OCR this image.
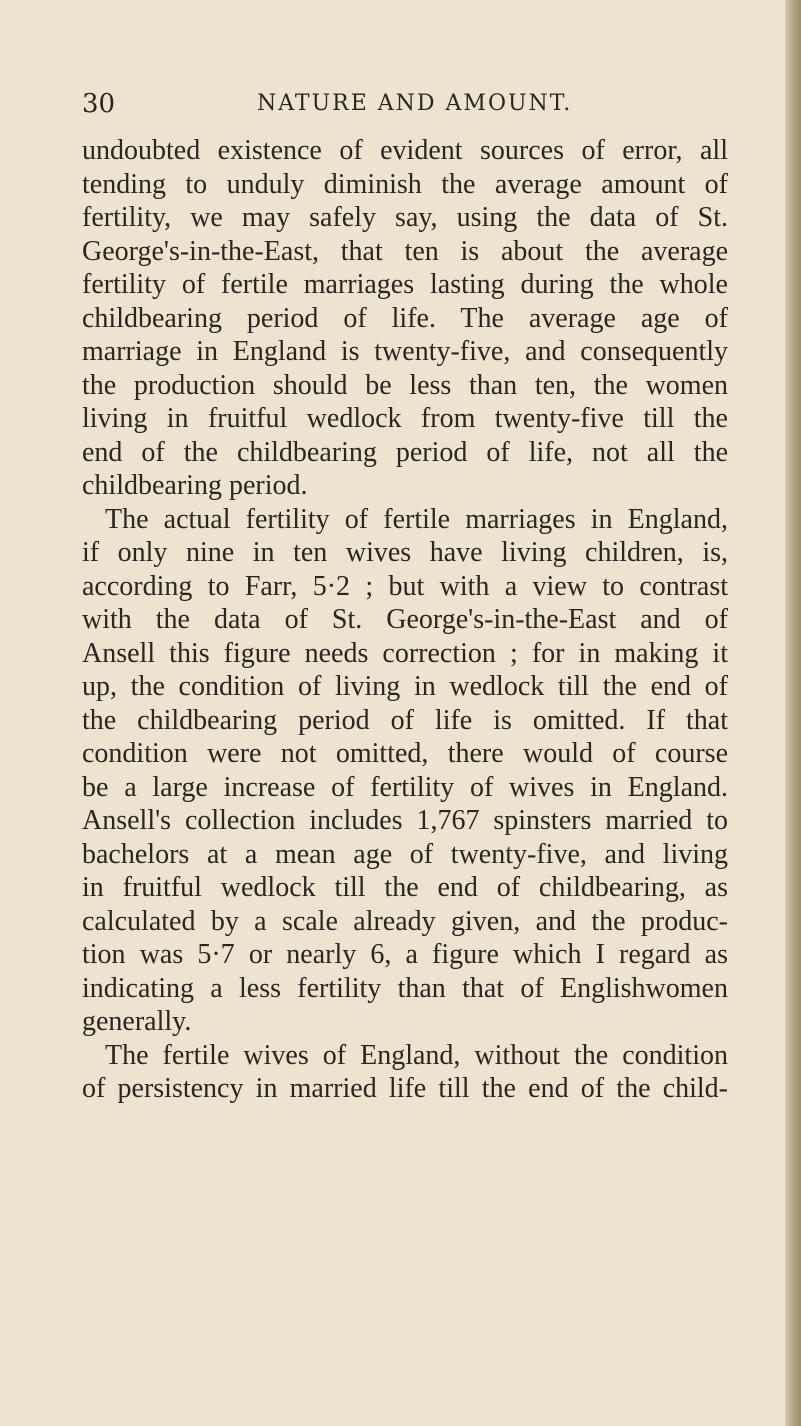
30	NATURE AND AMOUNT.
undoubted existence of evident sources of error, all
tending to unduly diminish the average amount of
fertility, we may safely say, using the data of St.
George's-in-the-East, that ten is about the average
fertility of fertile marriages lasting during the whole
childbearing period of life. The average age of
marriage in England is twenty-five, and consequently
the production should be less than ten, the women
living in fruitful wedlock from twenty-five till the
end of the childbearing period of life, not all the
childbearing period.
The actual fertility of fertile marriages in England,
if only nine in ten wives have living children, is,
according to Farr, 5·2 ; but with a view to contrast
with the data of St. George's-in-the-East and of
Ansell this figure needs correction ; for in making it
up, the condition of living in wedlock till the end of
the childbearing period of life is omitted. If that
condition were not omitted, there would of course
be a large increase of fertility of wives in England.
Ansell's collection includes 1,767 spinsters married to
bachelors at a mean age of twenty-five, and living
in fruitful wedlock till the end of childbearing, as
calculated by a scale already given, and the produc-
tion was 5·7 or nearly 6, a figure which I regard as
indicating a less fertility than that of Englishwomen
generally.
The fertile wives of England, without the condition
of persistency in married life till the end of the child-
